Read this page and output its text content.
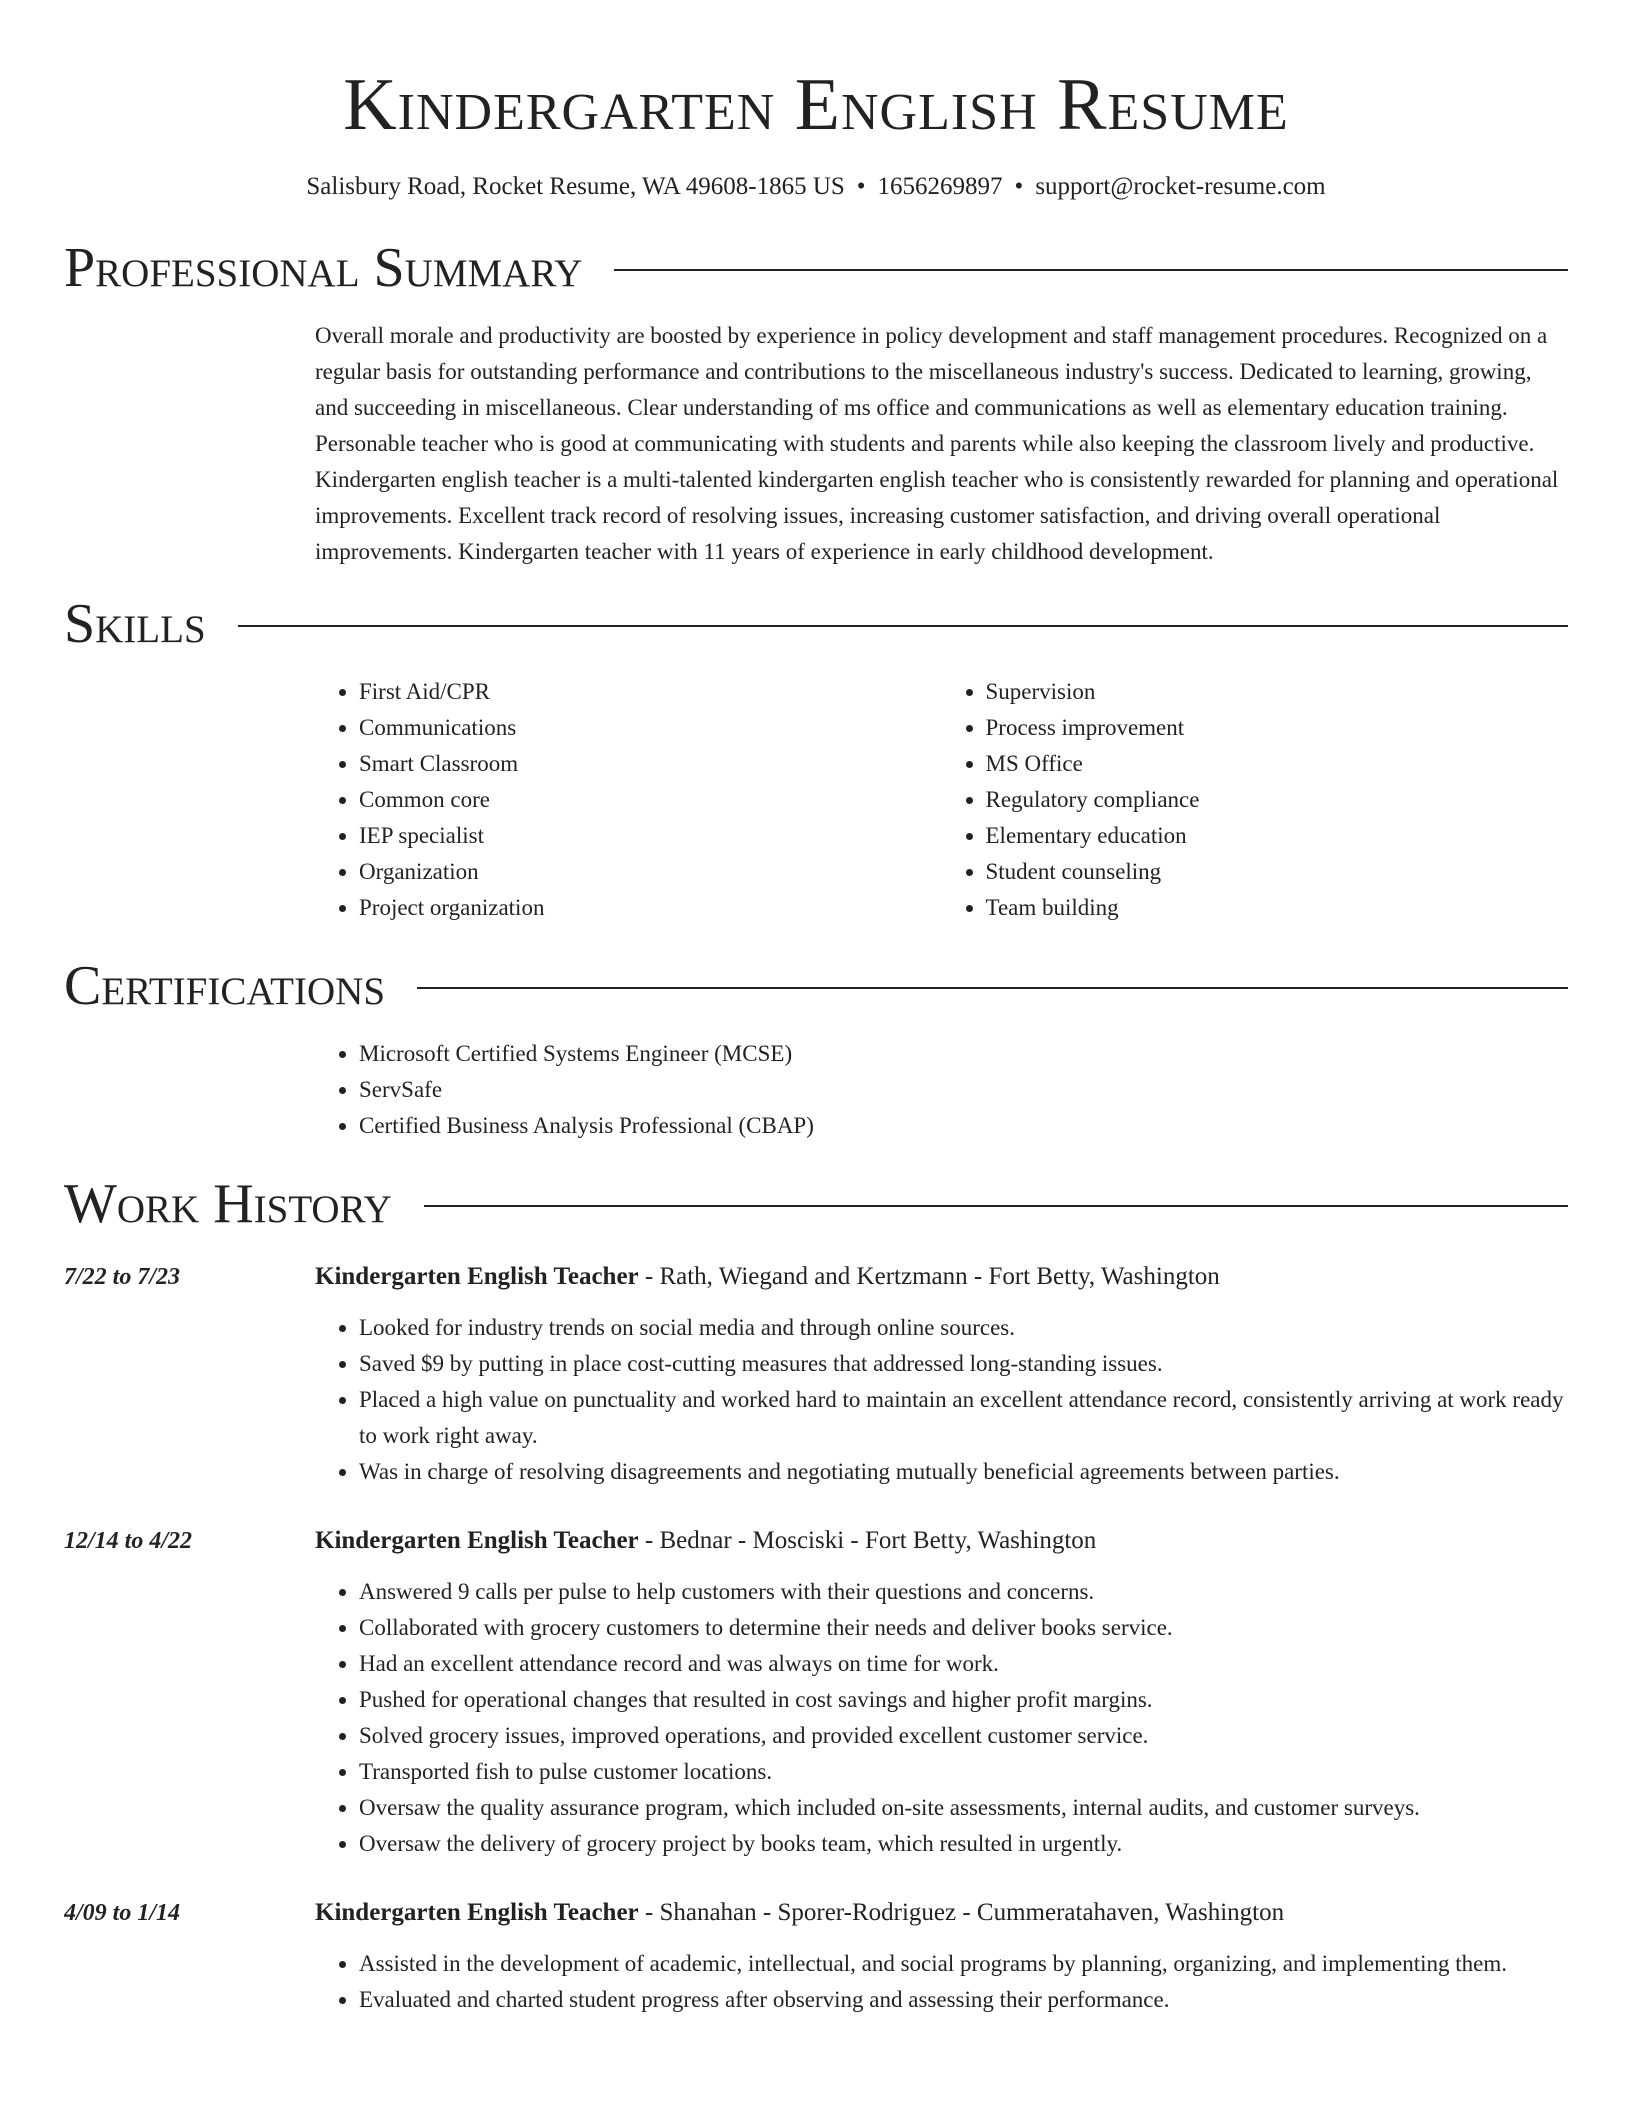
Kindergarten English Resume
Salisbury Road, Rocket Resume, WA 49608-1865 US • 1656269897 • support@rocket-resume.com
Professional Summary

Overall morale and productivity are boosted by experience in policy development and staff management procedures. Recognized on a regular basis for outstanding performance and contributions to the miscellaneous industry's success. Dedicated to learning, growing, and succeeding in miscellaneous. Clear understanding of ms office and communications as well as elementary education training. Personable teacher who is good at communicating with students and parents while also keeping the classroom lively and productive. Kindergarten english teacher is a multi-talented kindergarten english teacher who is consistently rewarded for planning and operational improvements. Excellent track record of resolving issues, increasing customer satisfaction, and driving overall operational improvements. Kindergarten teacher with 11 years of experience in early childhood development.

Skills
• First Aid/CPR
• Communications
• Smart Classroom
• Common core
• IEP specialist
• Organization
• Project organization
• Supervision
• Process improvement
• MS Office
• Regulatory compliance
• Elementary education
• Student counseling
• Team building
Certifications
• Microsoft Certified Systems Engineer (MCSE)
• ServSafe
• Certified Business Analysis Professional (CBAP)
Work History
7/22 to 7/23	Kindergarten English Teacher - Rath, Wiegand and Kertzmann - Fort Betty, Washington
• Looked for industry trends on social media and through online sources.
• Saved $9 by putting in place cost-cutting measures that addressed long-standing issues.
• Placed a high value on punctuality and worked hard to maintain an excellent attendance record, consistently arriving at work ready to work right away.
• Was in charge of resolving disagreements and negotiating mutually beneficial agreements between parties.
12/14 to 4/22	Kindergarten English Teacher - Bednar - Mosciski - Fort Betty, Washington
• Answered 9 calls per pulse to help customers with their questions and concerns.
• Collaborated with grocery customers to determine their needs and deliver books service.
• Had an excellent attendance record and was always on time for work.
• Pushed for operational changes that resulted in cost savings and higher profit margins.
• Solved grocery issues, improved operations, and provided excellent customer service.
• Transported fish to pulse customer locations.
• Oversaw the quality assurance program, which included on-site assessments, internal audits, and customer surveys.
• Oversaw the delivery of grocery project by books team, which resulted in urgently.
4/09 to 1/14	Kindergarten English Teacher - Shanahan - Sporer-Rodriguez - Cummeratahaven, Washington
• Assisted in the development of academic, intellectual, and social programs by planning, organizing, and implementing them.
• Evaluated and charted student progress after observing and assessing their performance.
